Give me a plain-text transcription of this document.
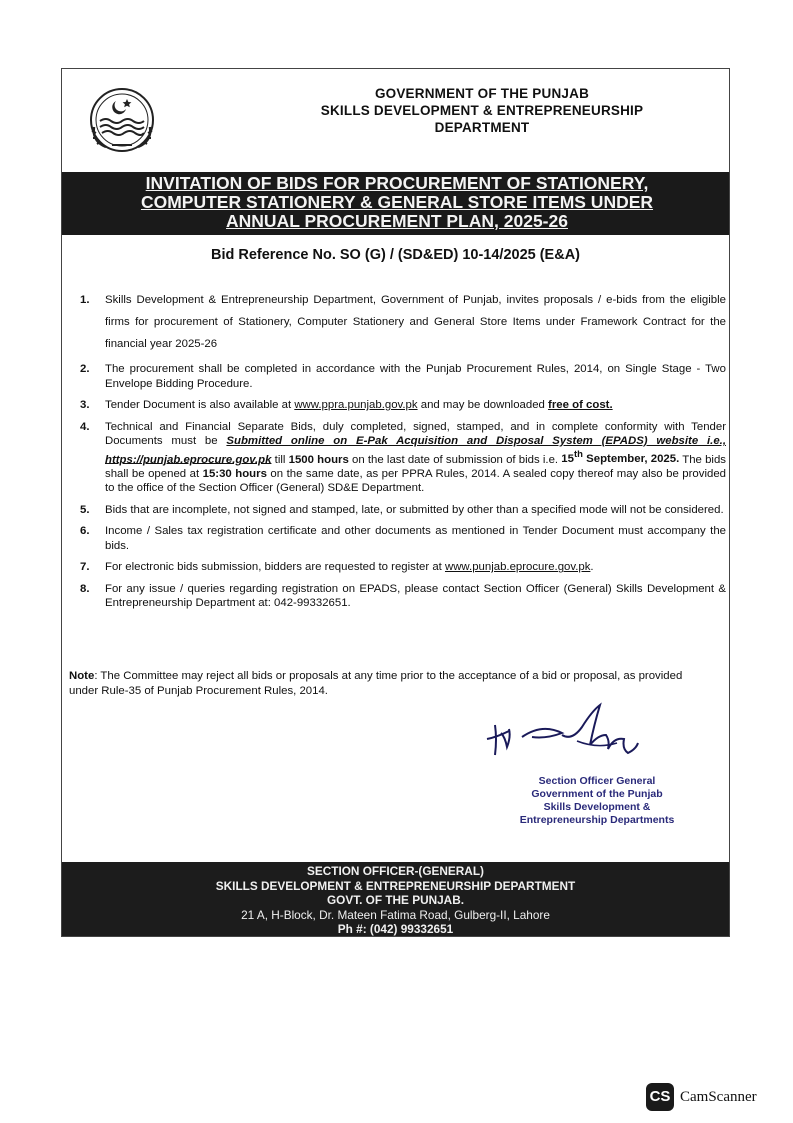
GOVERNMENT OF THE PUNJAB
SKILLS DEVELOPMENT & ENTREPRENEURSHIP
DEPARTMENT
INVITATION OF BIDS FOR PROCUREMENT OF STATIONERY,
COMPUTER STATIONERY & GENERAL STORE ITEMS UNDER
ANNUAL PROCUREMENT PLAN, 2025-26
Bid Reference No. SO (G) / (SD&ED) 10-14/2025 (E&A)
1. Skills Development & Entrepreneurship Department, Government of Punjab, invites proposals / e-bids from the eligible firms for procurement of Stationery, Computer Stationery and General Store Items under Framework Contract for the financial year 2025-26
2. The procurement shall be completed in accordance with the Punjab Procurement Rules, 2014, on Single Stage - Two Envelope Bidding Procedure.
3. Tender Document is also available at www.ppra.punjab.gov.pk and may be downloaded free of cost.
4. Technical and Financial Separate Bids, duly completed, signed, stamped, and in complete conformity with Tender Documents must be Submitted online on E-Pak Acquisition and Disposal System (EPADS) website i.e., https://punjab.eprocure.gov.pk till 1500 hours on the last date of submission of bids i.e. 15th September, 2025. The bids shall be opened at 15:30 hours on the same date, as per PPRA Rules, 2014. A sealed copy thereof may also be provided to the office of the Section Officer (General) SD&E Department.
5. Bids that are incomplete, not signed and stamped, late, or submitted by other than a specified mode will not be considered.
6. Income / Sales tax registration certificate and other documents as mentioned in Tender Document must accompany the bids.
7. For electronic bids submission, bidders are requested to register at www.punjab.eprocure.gov.pk.
8. For any issue / queries regarding registration on EPADS, please contact Section Officer (General) Skills Development & Entrepreneurship Department at: 042-99332651.
Note: The Committee may reject all bids or proposals at any time prior to the acceptance of a bid or proposal, as provided under Rule-35 of Punjab Procurement Rules, 2014.
Section Officer General
Government of the Punjab
Skills Development &
Entrepreneurship Departments
SECTION OFFICER-(GENERAL)
SKILLS DEVELOPMENT & ENTREPRENEURSHIP DEPARTMENT
GOVT. OF THE PUNJAB.
21 A, H-Block, Dr. Mateen Fatima Road, Gulberg-II, Lahore
Ph #: (042) 99332651
CS CamScanner
